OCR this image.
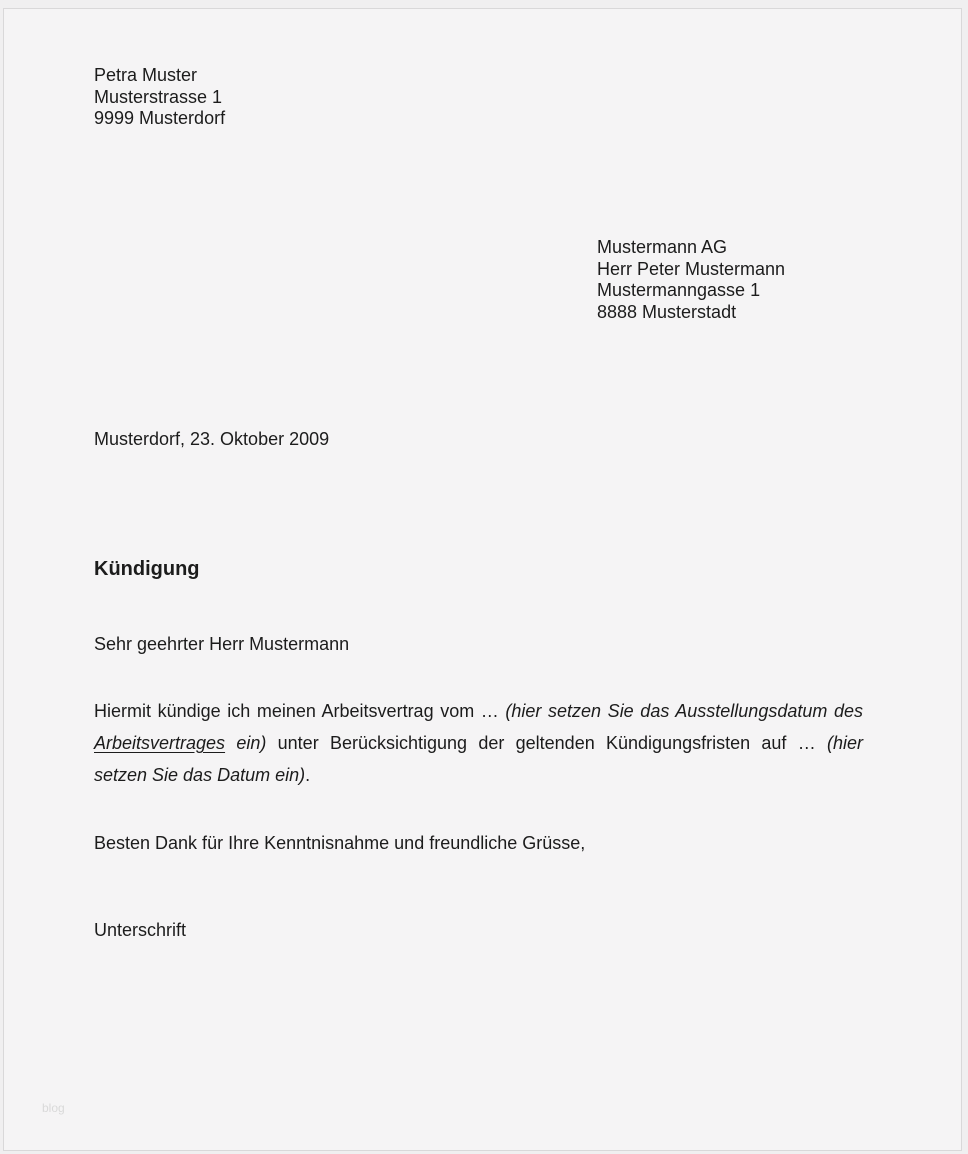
Petra Muster
Musterstrasse 1
9999 Musterdorf
Mustermann AG
Herr Peter Mustermann
Mustermanngasse 1
8888 Musterstadt
Musterdorf, 23. Oktober 2009
Kündigung
Sehr geehrter Herr Mustermann
Hiermit kündige ich meinen Arbeitsvertrag vom … (hier setzen Sie das Ausstellungsdatum des
Arbeitsvertrages ein) unter Berücksichtigung der geltenden Kündigungsfristen auf … (hier
setzen Sie das Datum ein).
Besten Dank für Ihre Kenntnisnahme und freundliche Grüsse,
Unterschrift
blog
